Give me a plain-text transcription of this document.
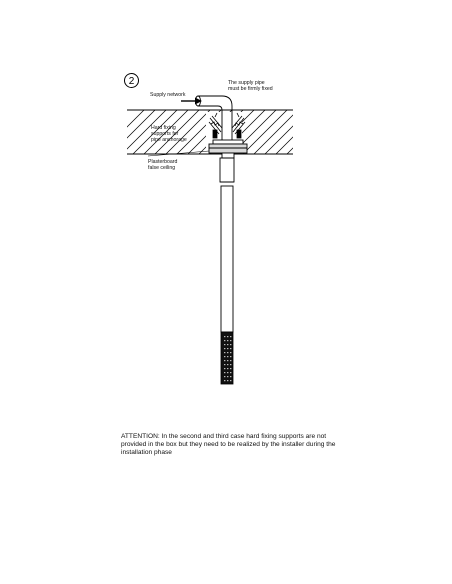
2
Supply network
The supply pipe
must be firmly fixed
Hard fixing
supports for
pipe anchorage
Plasterboard
false ceiling
ATTENTION: In the second and third case hard fixing supports are not provided in the box but they need to be realized by the installer during the installation phase
